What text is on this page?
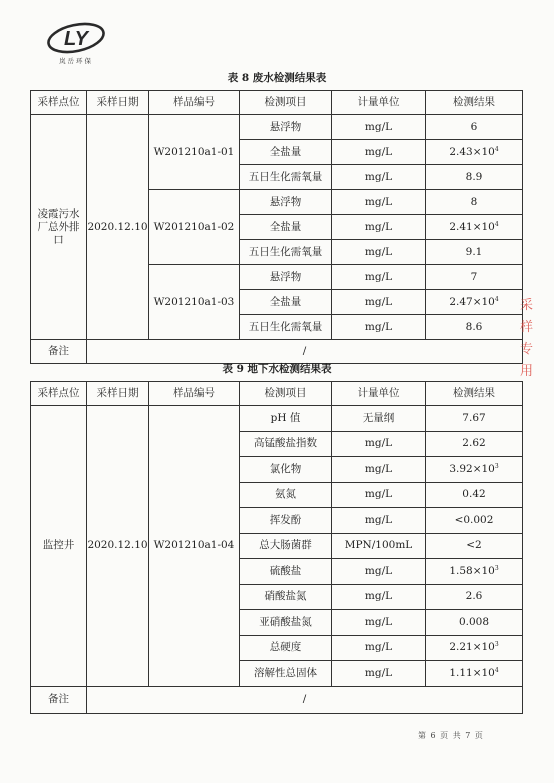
LY
岚岳环保
表 8 废水检测结果表
采样点位	采样日期	样品编号	检测项目	计量单位	检测结果
凌霞污水厂总外排口	2020.12.10	W201210a1-01	悬浮物	mg/L	6
			全盐量	mg/L	$2.43\times 10^4$
			五日生化需氧量	mg/L	8.9
		W201210a1-02	悬浮物	mg/L	8
			全盐量	mg/L	$2.41\times 10^4$
			五日生化需氧量	mg/L	9.1
		W201210a1-03	悬浮物	mg/L	7
			全盐量	mg/L	$2.47\times 10^4$
			五日生化需氧量	mg/L	8.6
备注	/				
表 9 地下水检测结果表
采样点位	采样日期	样品编号	检测项目	计量单位	检测结果
监控井	2020.12.10	W201210a1-04	pH 值	无量纲	7.67
			高锰酸盐指数	mg/L	2.62
			氯化物	mg/L	$3.92\times 10^3$
			氨氮	mg/L	0.42
			挥发酚	mg/L	<0.002
			总大肠菌群	MPN/100mL	<2
			硫酸盐	mg/L	$1.58\times 10^3$
			硝酸盐氮	mg/L	2.6
			亚硝酸盐氮	mg/L	0.008
			总硬度	mg/L	$2.21\times 10^3$
			溶解性总固体	mg/L	$1.11\times 10^4$
备注	/				
采
样
专
用
第 6 页 共 7 页
